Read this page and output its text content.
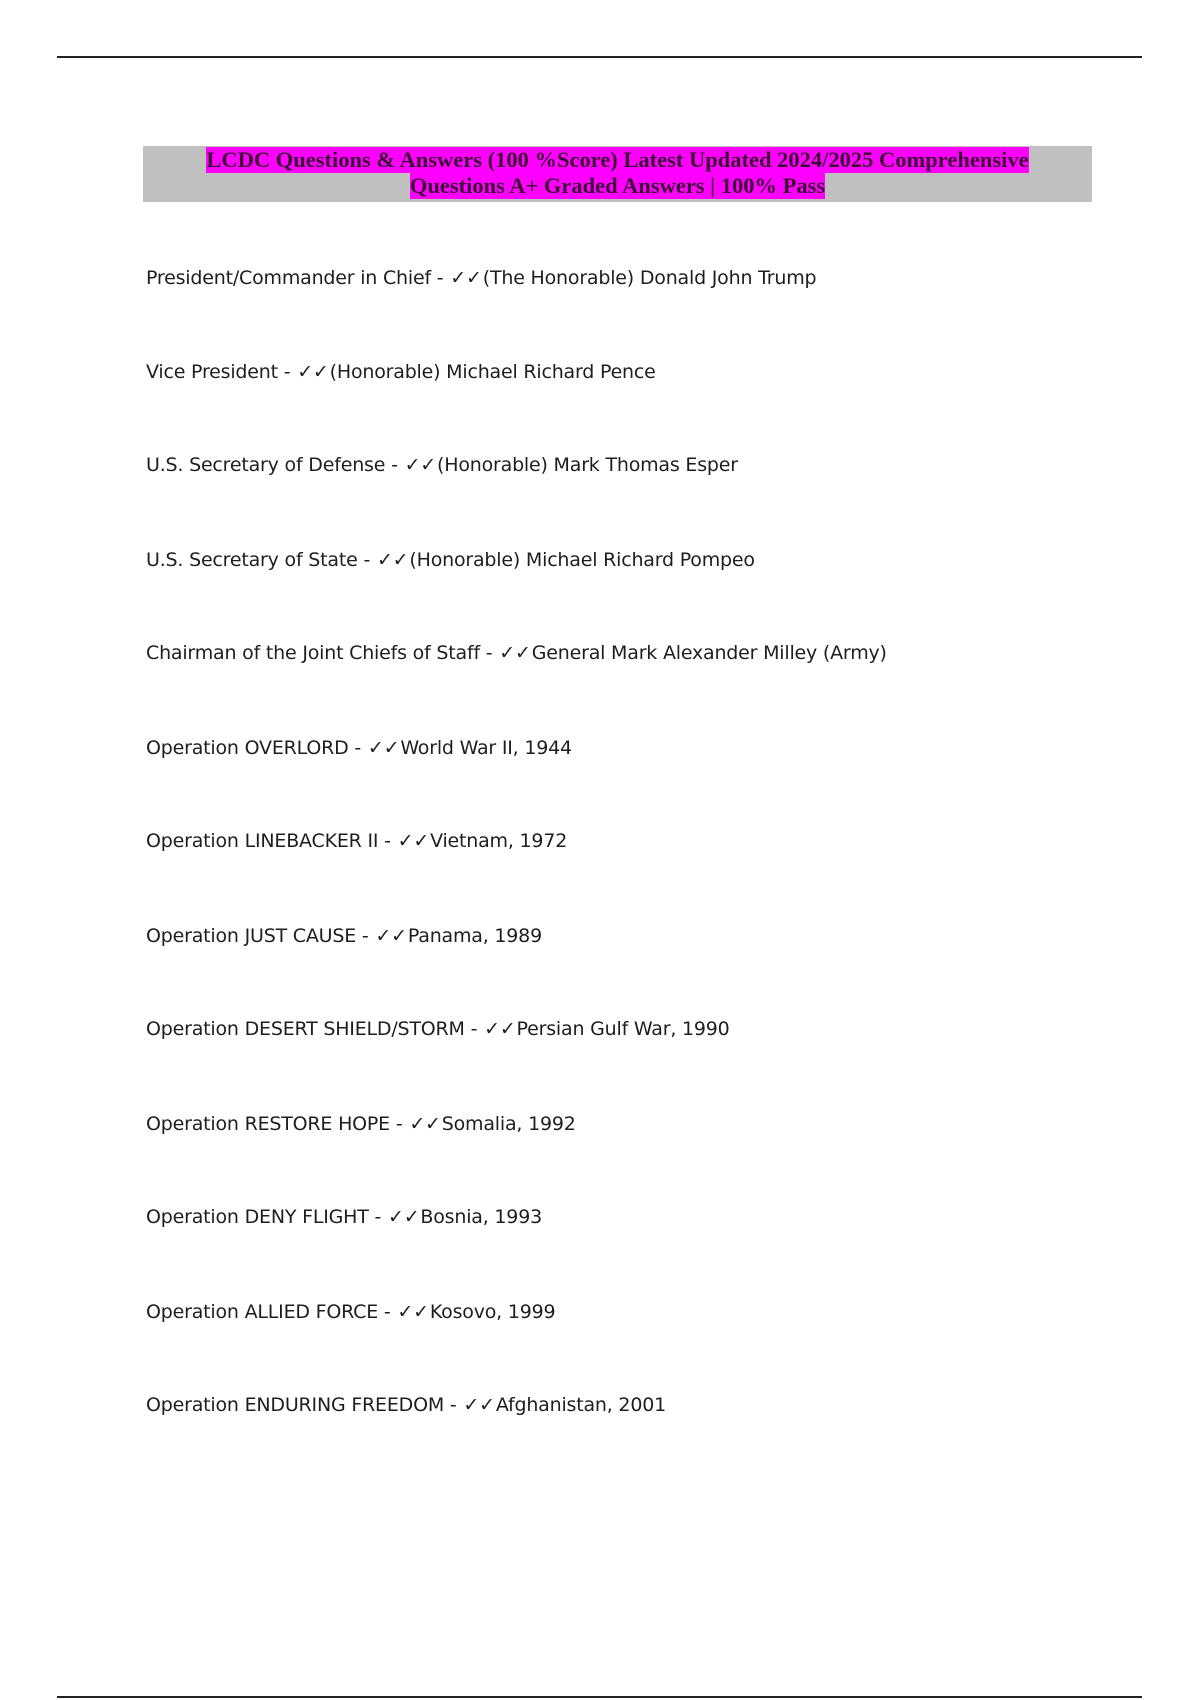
LCDC Questions & Answers (100 %Score) Latest Updated 2024/2025 Comprehensive
Questions A+ Graded Answers | 100% Pass
President/Commander in Chief - ✓✓(The Honorable) Donald John Trump
Vice President - ✓✓(Honorable) Michael Richard Pence
U.S. Secretary of Defense - ✓✓(Honorable) Mark Thomas Esper
U.S. Secretary of State - ✓✓(Honorable) Michael Richard Pompeo
Chairman of the Joint Chiefs of Staff - ✓✓General Mark Alexander Milley (Army)
Operation OVERLORD - ✓✓World War II, 1944
Operation LINEBACKER II - ✓✓Vietnam, 1972
Operation JUST CAUSE - ✓✓Panama, 1989
Operation DESERT SHIELD/STORM - ✓✓Persian Gulf War, 1990
Operation RESTORE HOPE - ✓✓Somalia, 1992
Operation DENY FLIGHT - ✓✓Bosnia, 1993
Operation ALLIED FORCE - ✓✓Kosovo, 1999
Operation ENDURING FREEDOM - ✓✓Afghanistan, 2001
